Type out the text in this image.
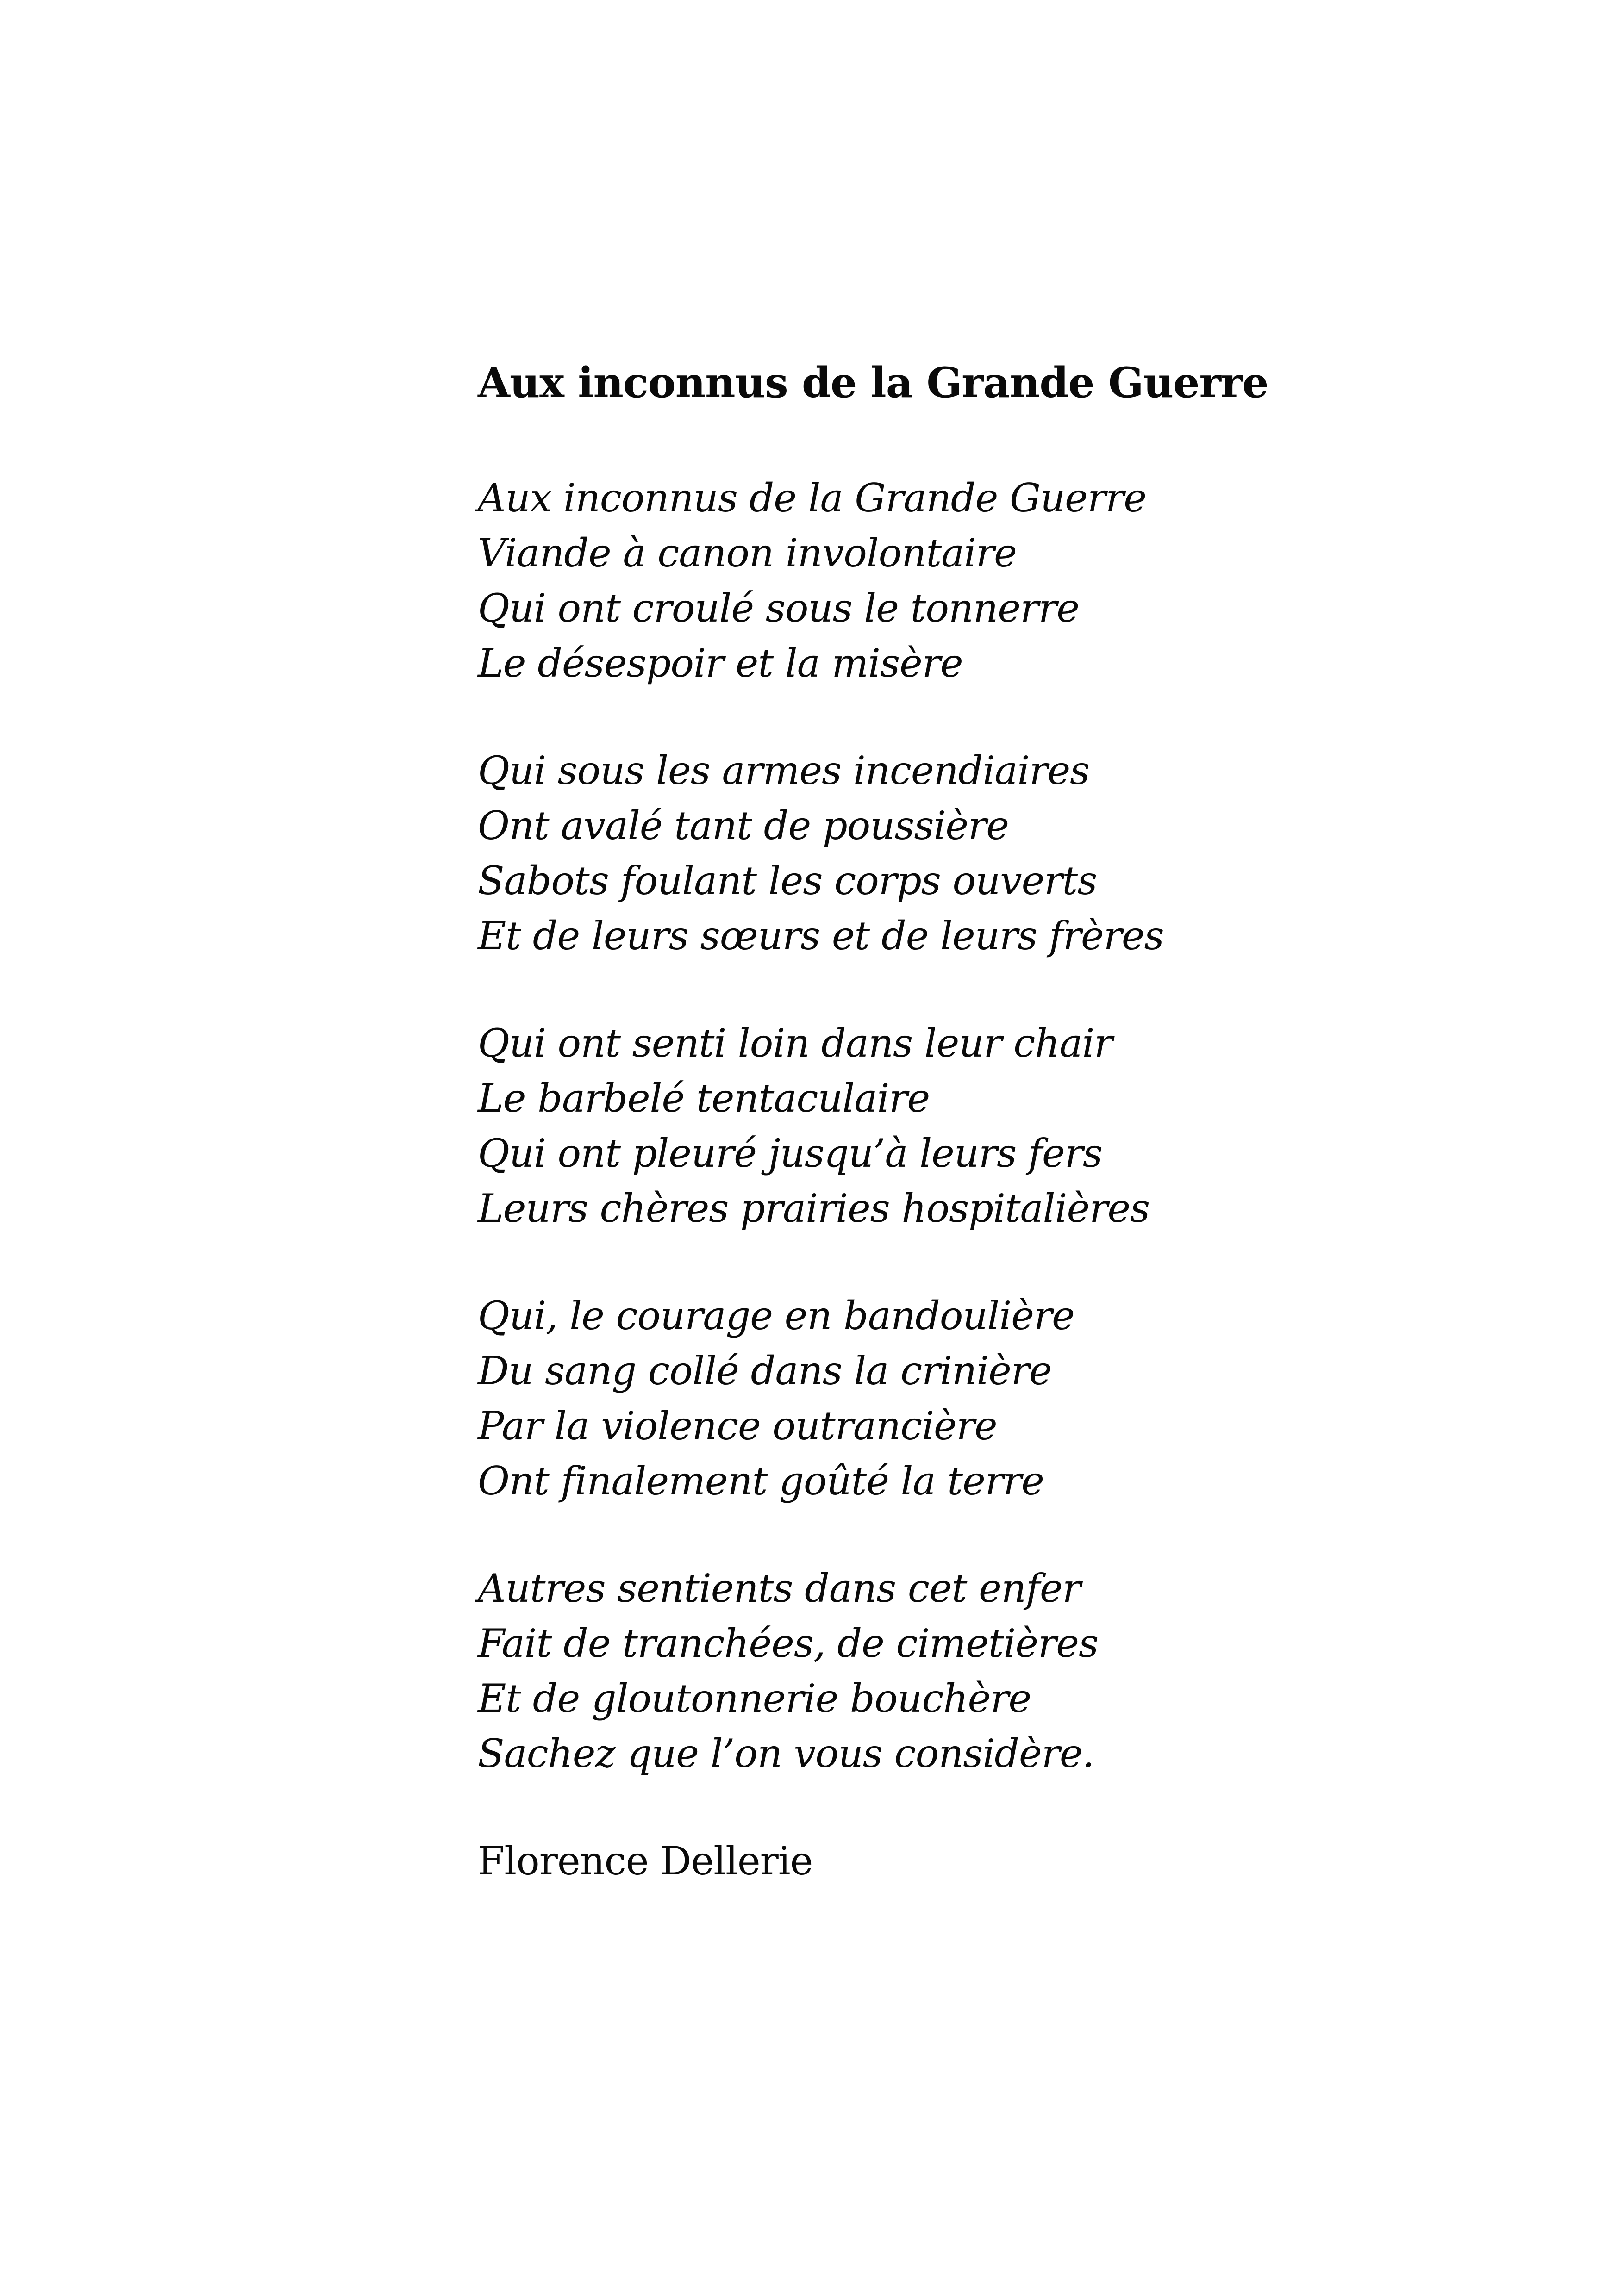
Aux inconnus de la Grande Guerre

Aux inconnus de la Grande Guerre

Viande à canon involontaire

Qui ont croulé sous le tonnerre

Le désespoir et la misère

Qui sous les armes incendiaires

Ont avalé tant de poussière

Sabots foulant les corps ouverts

Et de leurs sœurs et de leurs frères

Qui ont senti loin dans leur chair

Le barbelé tentaculaire

Qui ont pleuré jusqu’à leurs fers

Leurs chères prairies hospitalières

Qui, le courage en bandoulière

Du sang collé dans la crinière

Par la violence outrancière

Ont finalement goûté la terre

Autres sentients dans cet enfer

Fait de tranchées, de cimetières

Et de gloutonnerie bouchère

Sachez que l’on vous considère.

Florence Dellerie
